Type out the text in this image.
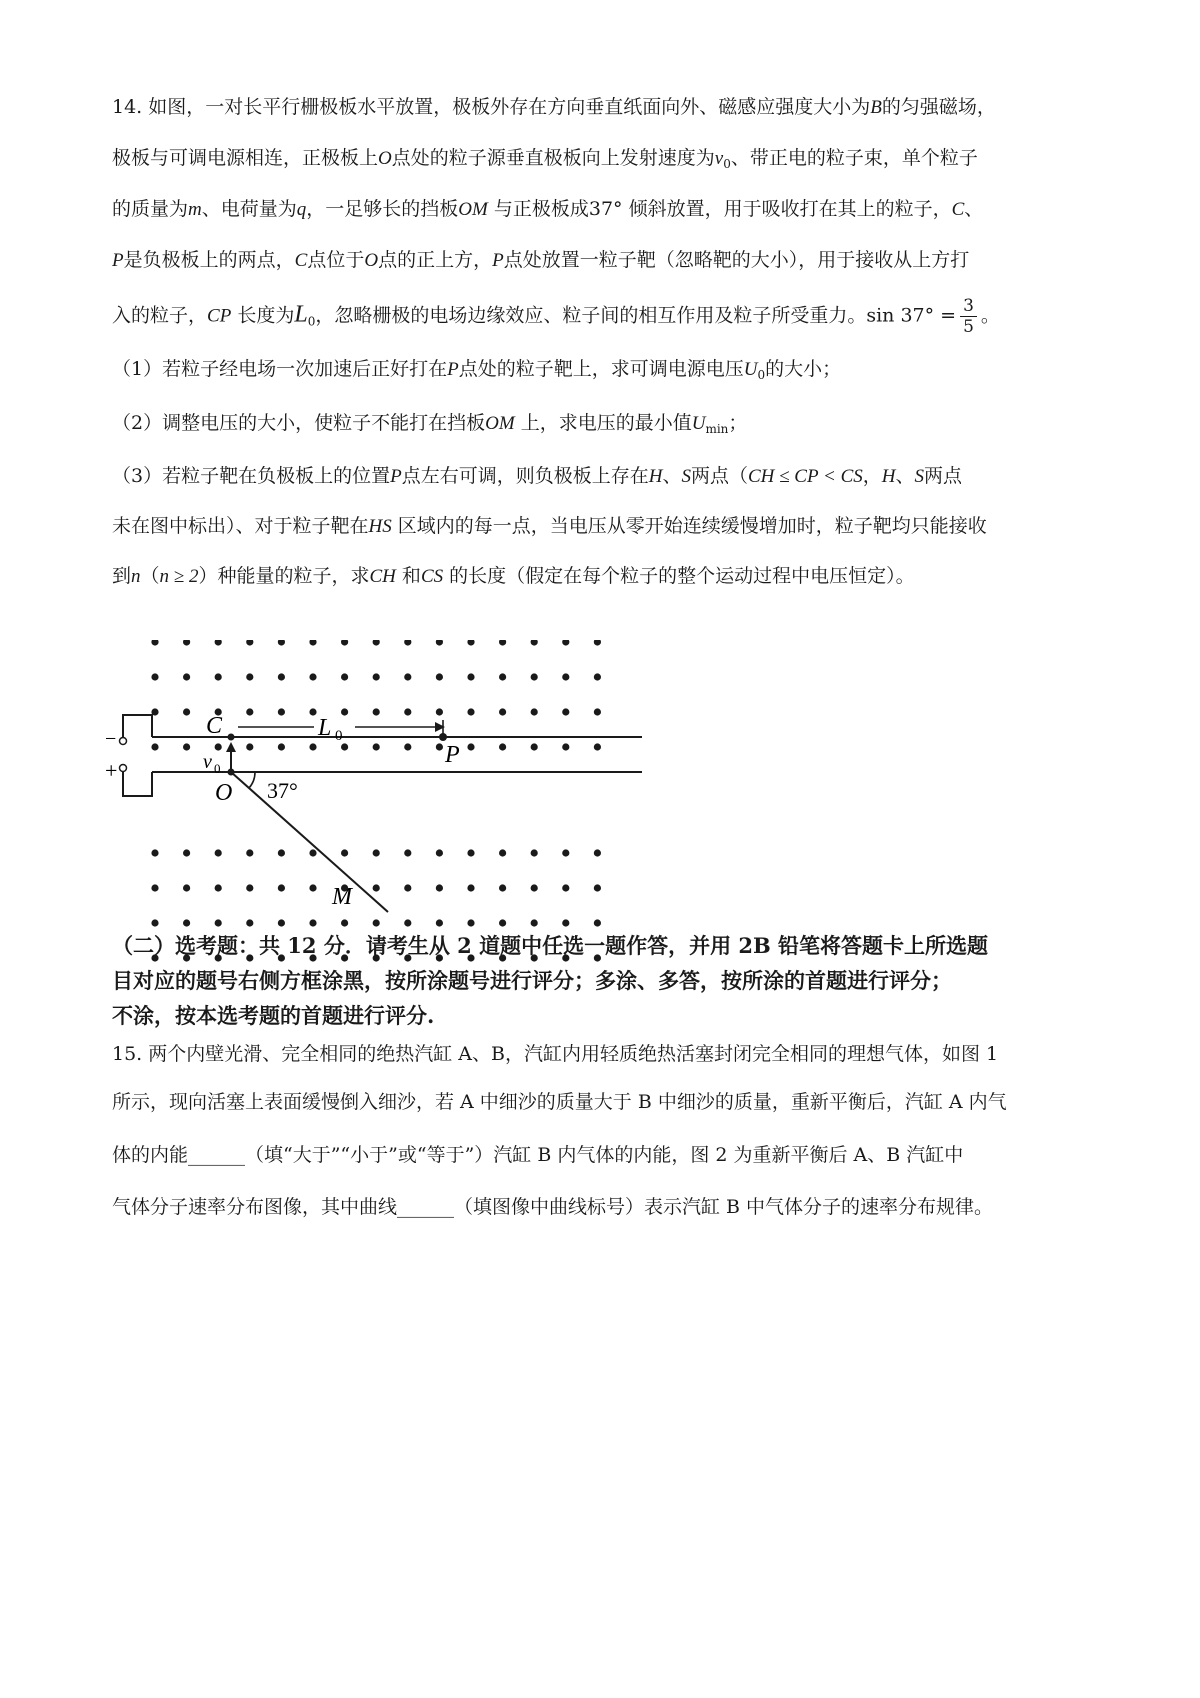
14. 如图，一对长平行栅极板水平放置，极板外存在方向垂直纸面向外、磁感应强度大小为B的匀强磁场，
极板与可调电源相连，正极板上O点处的粒子源垂直极板向上发射速度为$v_0$、带正电的粒子束，单个粒子
的质量为m、电荷量为q，一足够长的挡板OM 与正极板成37° 倾斜放置，用于吸收打在其上的粒子，C、
P是负极板上的两点，C点位于O点的正上方，P点处放置一粒子靶（忽略靶的大小），用于接收从上方打
入的粒子，CP 长度为$L_0$，忽略栅极的电场边缘效应、粒子间的相互作用及粒子所受重力。$\sin 37^\circ = \frac{3}{5}$ 。
（1）若粒子经电场一次加速后正好打在P点处的粒子靶上，求可调电源电压$U_0$的大小；
（2）调整电压的大小，使粒子不能打在挡板OM 上，求电压的最小值$U_{min}$；
（3）若粒子靶在负极板上的位置P点左右可调，则负极板上存在H、S两点（CH ≤ CP < CS，H、S两点
未在图中标出）、对于粒子靶在HS 区域内的每一点，当电压从零开始连续缓慢增加时，粒子靶均只能接收
到n（n ≥ 2）种能量的粒子，求CH 和CS 的长度（假定在每个粒子的整个运动过程中电压恒定）。
C	L 0
P
v 0
O 37°
M
−
+
（二）选考题：共 12 分．请考生从 2 道题中任选一题作答，并用 2B 铅笔将答题卡上所选题
目对应的题号右侧方框涂黑，按所涂题号进行评分；多涂、多答，按所涂的首题进行评分；
不涂，按本选考题的首题进行评分.
15. 两个内壁光滑、完全相同的绝热汽缸 A、B，汽缸内用轻质绝热活塞封闭完全相同的理想气体，如图 1
所示，现向活塞上表面缓慢倒入细沙，若 A 中细沙的质量大于 B 中细沙的质量，重新平衡后，汽缸 A 内气
体的内能______（填“大于”“小于”或“等于”）汽缸 B 内气体的内能，图 2 为重新平衡后 A、B 汽缸中
气体分子速率分布图像，其中曲线______（填图像中曲线标号）表示汽缸 B 中气体分子的速率分布规律。
